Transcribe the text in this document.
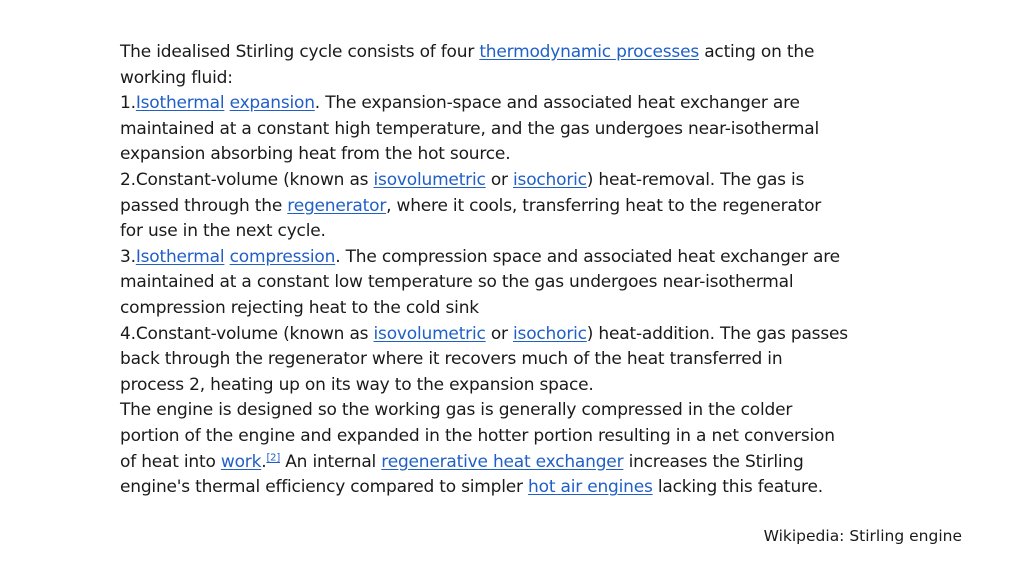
The idealised Stirling cycle consists of four thermodynamic processes acting on the working fluid:

1.Isothermal expansion. The expansion-space and associated heat exchanger are maintained at a constant high temperature, and the gas undergoes near-isothermal expansion absorbing heat from the hot source.

2.Constant-volume (known as isovolumetric or isochoric) heat-removal. The gas is passed through the regenerator, where it cools, transferring heat to the regenerator for use in the next cycle.

3.Isothermal compression. The compression space and associated heat exchanger are maintained at a constant low temperature so the gas undergoes near-isothermal compression rejecting heat to the cold sink

4.Constant-volume (known as isovolumetric or isochoric) heat-addition. The gas passes back through the regenerator where it recovers much of the heat transferred in process 2, heating up on its way to the expansion space.

The engine is designed so the working gas is generally compressed in the colder portion of the engine and expanded in the hotter portion resulting in a net conversion of heat into work.[2] An internal regenerative heat exchanger increases the Stirling engine's thermal efficiency compared to simpler hot air engines lacking this feature.

Wikipedia: Stirling engine
